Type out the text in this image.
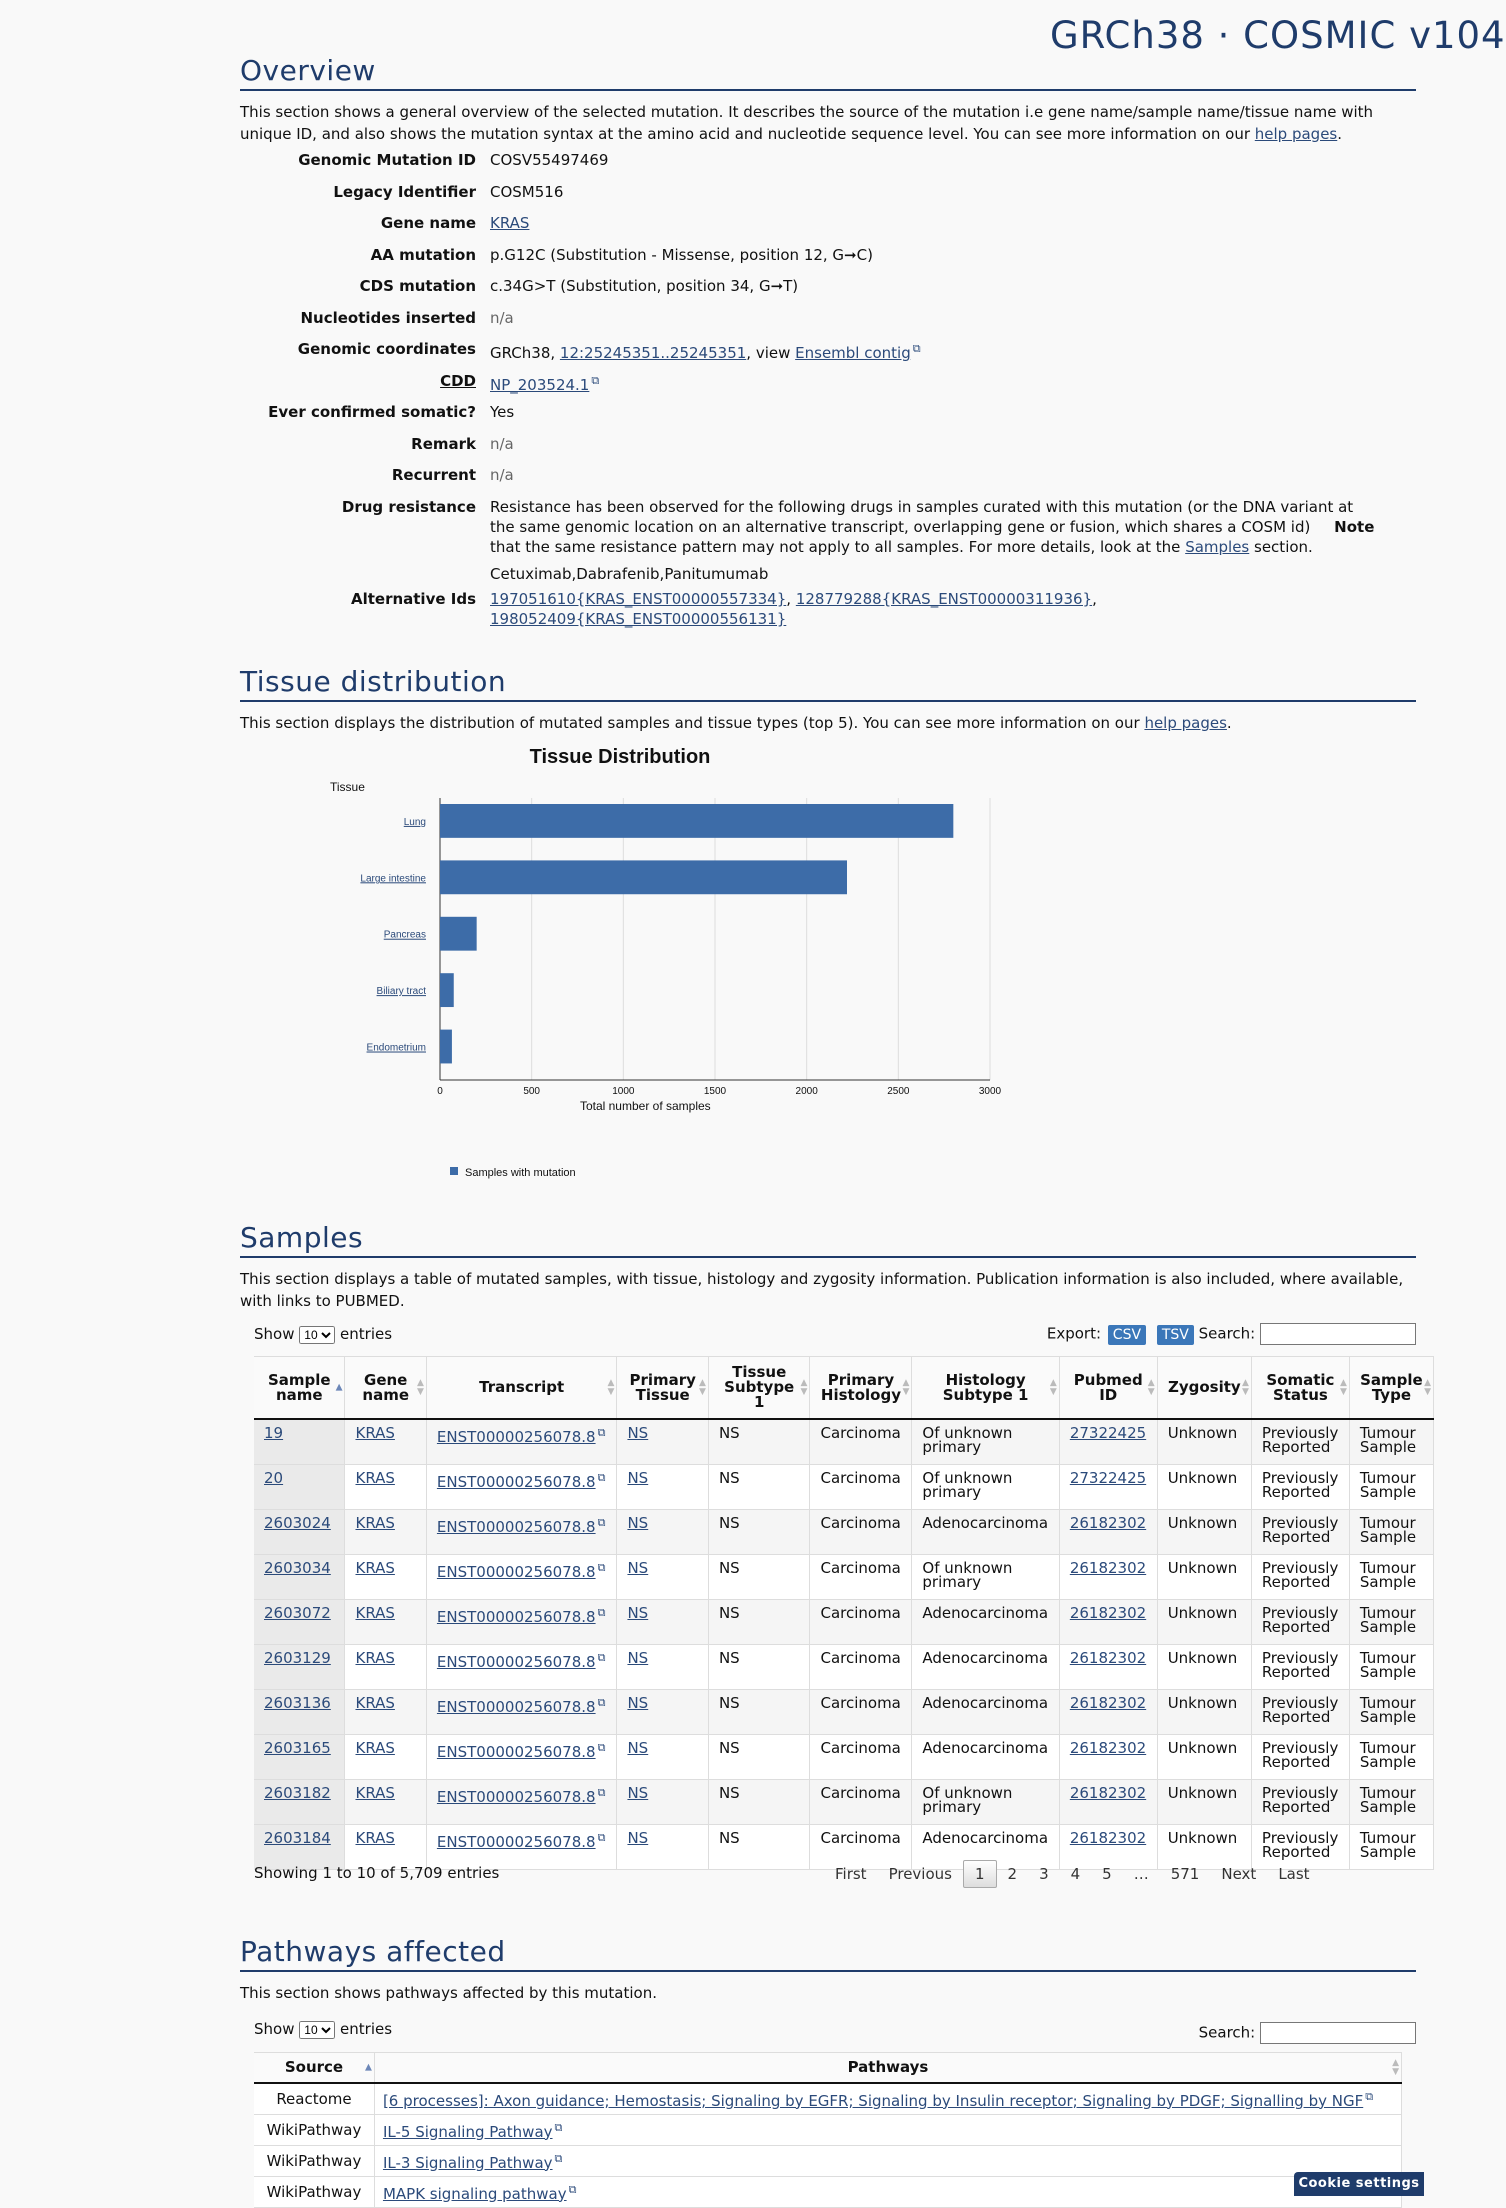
GRCh38 · COSMIC v104
Overview

This section shows a general overview of the selected mutation. It describes the source of the mutation i.e gene name/sample name/tissue name with unique ID, and also shows the mutation syntax at the amino acid and nucleotide sequence level. You can see more information on our help pages.

Genomic Mutation ID COSV55497469
Legacy Identifier COSM516
Gene name KRAS
AA mutation p.G12C (Substitution - Missense, position 12, G➞C)
CDS mutation c.34G>T (Substitution, position 34, G➞T)
Nucleotides inserted n/a
Genomic coordinates GRCh38, 12:25245351..25245351, view Ensembl contig ⧉
CDD NP_203524.1 ⧉
Ever confirmed somatic? Yes
Remark n/a
Recurrent n/a
Drug resistance Resistance has been observed for the following drugs in samples curated with this mutation (or the DNA variant at the same genomic location on an alternative transcript, overlapping gene or fusion, which shares a COSM id) Note that the same resistance pattern may not apply to all samples. For more details, look at the Samples section.
Cetuximab,Dabrafenib,Panitumumab
Alternative Ids 197051610{KRAS_ENST00000557334}, 128779288{KRAS_ENST00000311936}, 198052409{KRAS_ENST00000556131}
Tissue distribution

This section displays the distribution of mutated samples and tissue types (top 5). You can see more information on our help pages.

Tissue Distribution
Tissue
0	500	1000	1500	2000	2500	3000
Lung
Large intestine
Pancreas
Biliary tract
Endometrium
Total number of samples
Samples with mutation
Samples

This section displays a table of mutated samples, with tissue, histology and zygosity information. Publication information is also included, where available, with links to PUBMED.

Show
10	entries	Export: CSV TSV Search:
Sample name ▲	Gene name
▲
▼	Transcript ▲
▼	Primary Tissue
▲
▼	Tissue Subtype 1
▲
▼	Primary Histology
▲
▼	Histology Subtype 1
▲
▼	Pubmed ID
▲
▼	Zygosity ▲
▼	Somatic Status
▲
▼	Sample Type
▲
▼

19	KRAS	ENST00000256078.8 ⧉	NS	NS	Carcinoma	Of unknown primary	27322425	Unknown	Previously Reported	Tumour Sample
20	KRAS	ENST00000256078.8 ⧉	NS	NS	Carcinoma	Of unknown primary	27322425	Unknown	Previously Reported	Tumour Sample
2603024	KRAS	ENST00000256078.8 ⧉	NS	NS	Carcinoma	Adenocarcinoma	26182302	Unknown	Previously Reported	Tumour Sample
2603034	KRAS	ENST00000256078.8 ⧉	NS	NS	Carcinoma	Of unknown primary	26182302	Unknown	Previously Reported	Tumour Sample
2603072	KRAS	ENST00000256078.8 ⧉	NS	NS	Carcinoma	Adenocarcinoma	26182302	Unknown	Previously Reported	Tumour Sample
2603129	KRAS	ENST00000256078.8 ⧉	NS	NS	Carcinoma	Adenocarcinoma	26182302	Unknown	Previously Reported	Tumour Sample
2603136	KRAS	ENST00000256078.8 ⧉	NS	NS	Carcinoma	Adenocarcinoma	26182302	Unknown	Previously Reported	Tumour Sample
2603165	KRAS	ENST00000256078.8 ⧉	NS	NS	Carcinoma	Adenocarcinoma	26182302	Unknown	Previously Reported	Tumour Sample
2603182	KRAS	ENST00000256078.8 ⧉	NS	NS	Carcinoma	Of unknown primary	26182302	Unknown	Previously Reported	Tumour Sample
2603184	KRAS	ENST00000256078.8 ⧉	NS	NS	Carcinoma	Adenocarcinoma	26182302	Unknown	Previously Reported	Tumour Sample
Showing 1 to 10 of 5,709 entries	First Previous 1 2 3 4 5 … 571 Next Last
Pathways affected

This section shows pathways affected by this mutation.

Show
10	entries	Search:
Source ▲	Pathways ▲
▼

Reactome	[6 processes]: Axon guidance; Hemostasis; Signaling by EGFR; Signaling by Insulin receptor; Signaling by PDGF; Signalling by NGF ⧉
WikiPathway	IL-5 Signaling Pathway ⧉
WikiPathway	IL-3 Signaling Pathway ⧉
WikiPathway	MAPK signaling pathway ⧉	Cookie settings
